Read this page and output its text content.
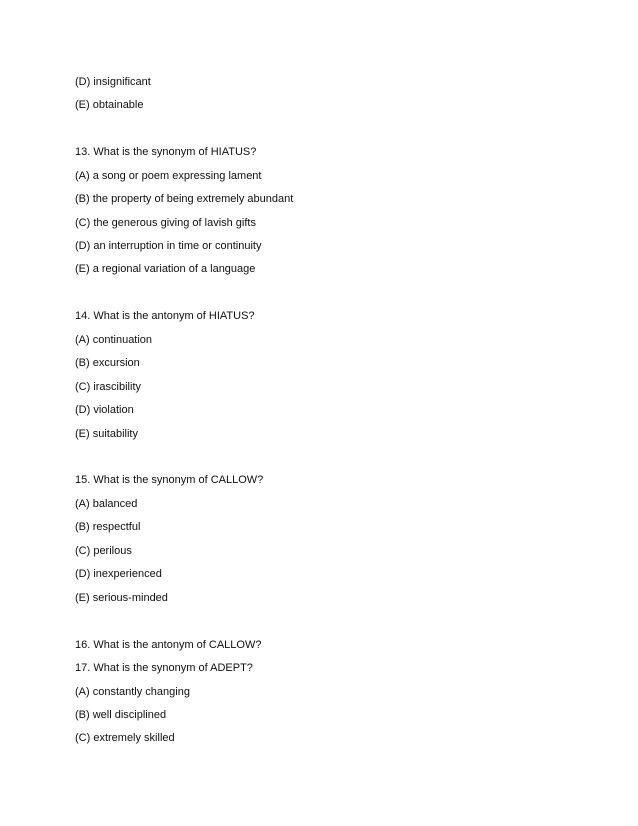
(D) insignificant
(E) obtainable
13. What is the synonym of HIATUS?
(A) a song or poem expressing lament
(B) the property of being extremely abundant
(C) the generous giving of lavish gifts
(D) an interruption in time or continuity
(E) a regional variation of a language
14. What is the antonym of HIATUS?
(A) continuation
(B) excursion
(C) irascibility
(D) violation
(E) suitability
15. What is the synonym of CALLOW?
(A) balanced
(B) respectful
(C) perilous
(D) inexperienced
(E) serious-minded
16. What is the antonym of CALLOW?
17. What is the synonym of ADEPT?
(A) constantly changing
(B) well disciplined
(C) extremely skilled
